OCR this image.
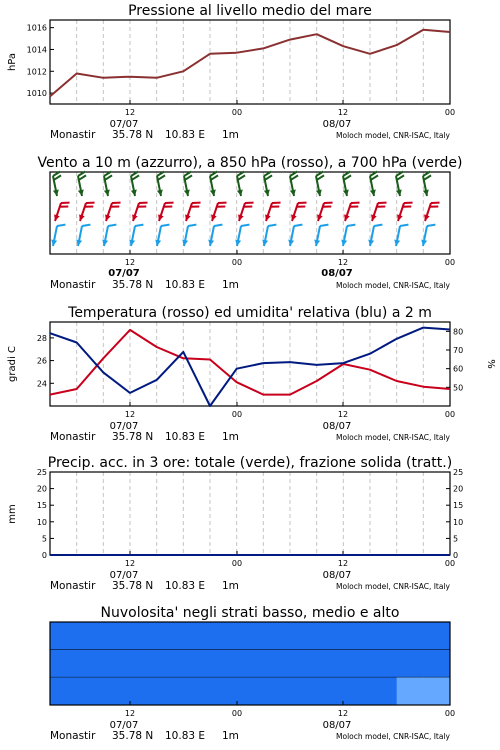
Pressione al livello medio del mare
12	00	12	00
07/07	08/07
Monastir 35.78 N 10.83 E 1m	Moloch model, CNR-ISAC, Italy
1010
1012
1014
1016
hPa
Vento a 10 m (azzurro), a 850 hPa (rosso), a 700 hPa (verde)
12	00	12	00
07/07	08/07
Monastir 35.78 N 10.83 E 1m	Moloch model, CNR-ISAC, Italy
Temperatura (rosso) ed umidita' relativa (blu) a 2 m
12	00	12	00
07/07	08/07
Monastir 35.78 N 10.83 E 1m	Moloch model, CNR-ISAC, Italy
24
26
28
50
60
70
80
gradi C	%
Precip. acc. in 3 ore: totale (verde), frazione solida (tratt.)
12	00	12	00
07/07	08/07
Monastir 35.78 N 10.83 E 1m	Moloch model, CNR-ISAC, Italy
0
5
10
15
20
25
0
5
10
15
20
25
mm
Nuvolosita' negli strati basso, medio e alto
12	00	12	00
07/07	08/07
Monastir 35.78 N 10.83 E 1m	Moloch model, CNR-ISAC, Italy
